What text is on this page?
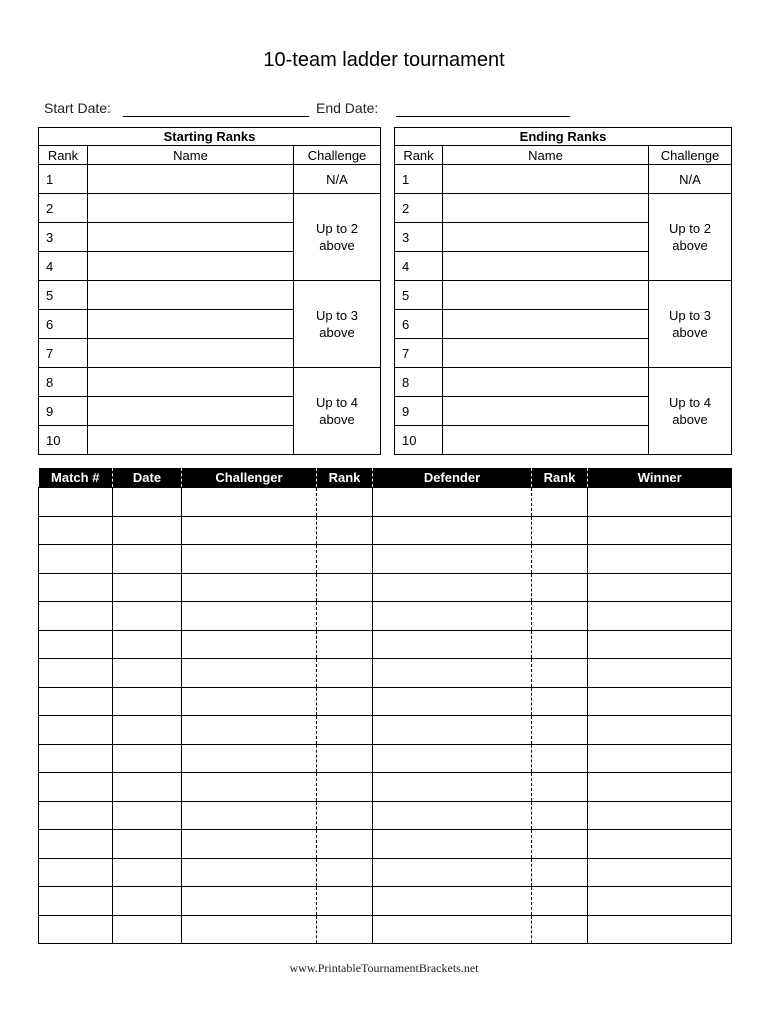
10-team ladder tournament
Start Date:	End Date:
Starting Ranks		
Rank	Name	Challenge
1		N/A
2		Up to 2 above

3		
4		
5		Up to 3 above

6		
7		
8		Up to 4 above

9		
10		
Ending Ranks		
Rank	Name	Challenge
1		N/A
2		Up to 2 above

3		
4		
5		Up to 3 above

6		
7		
8		Up to 4 above

9		
10		
Match #	Date	Challenger	Rank	Defender	Rank	Winner

www.PrintableTournamentBrackets.net
